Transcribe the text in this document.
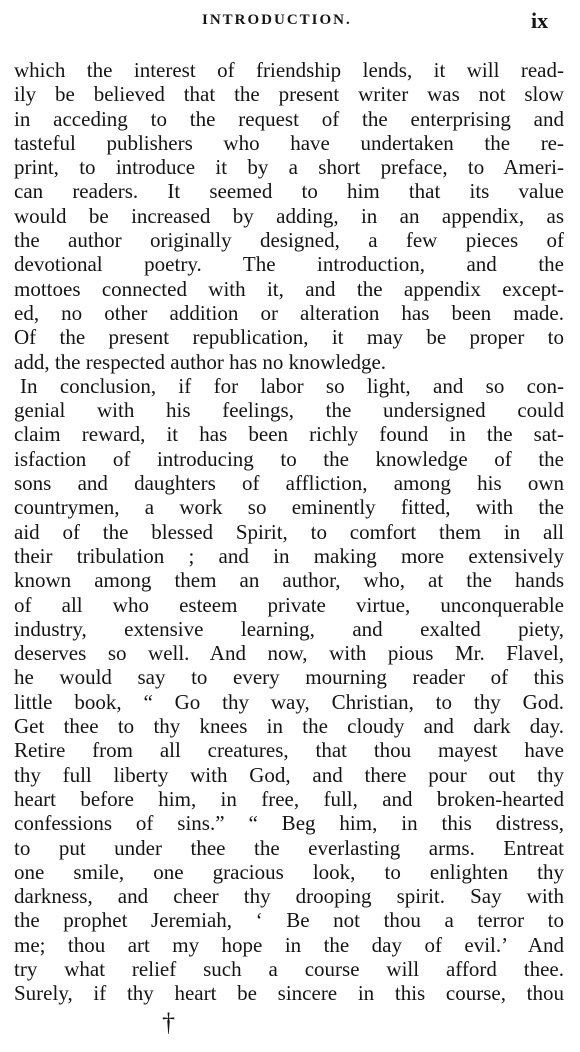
INTRODUCTION.	ix
which the interest of friendship lends, it will read-
ily be believed that the present writer was not slow
in acceding to the request of the enterprising and
tasteful publishers who have undertaken the re-
print, to introduce it by a short preface, to Ameri-
can readers. It seemed to him that its value
would be increased by adding, in an appendix, as
the author originally designed, a few pieces of
devotional poetry. The introduction, and the
mottoes connected with it, and the appendix except-
ed, no other addition or alteration has been made.
Of the present republication, it may be proper to
add, the respected author has no knowledge.
In conclusion, if for labor so light, and so con-
genial with his feelings, the undersigned could
claim reward, it has been richly found in the sat-
isfaction of introducing to the knowledge of the
sons and daughters of affliction, among his own
countrymen, a work so eminently fitted, with the
aid of the blessed Spirit, to comfort them in all
their tribulation ; and in making more extensively
known among them an author, who, at the hands
of all who esteem private virtue, unconquerable
industry, extensive learning, and exalted piety,
deserves so well. And now, with pious Mr. Flavel,
he would say to every mourning reader of this
little book, “ Go thy way, Christian, to thy God.
Get thee to thy knees in the cloudy and dark day.
Retire from all creatures, that thou mayest have
thy full liberty with God, and there pour out thy
heart before him, in free, full, and broken-hearted
confessions of sins.” “ Beg him, in this distress,
to put under thee the everlasting arms. Entreat
one smile, one gracious look, to enlighten thy
darkness, and cheer thy drooping spirit. Say with
the prophet Jeremiah, ‘ Be not thou a terror to
me; thou art my hope in the day of evil.’ And
try what relief such a course will afford thee.
Surely, if thy heart be sincere in this course, thou
†
